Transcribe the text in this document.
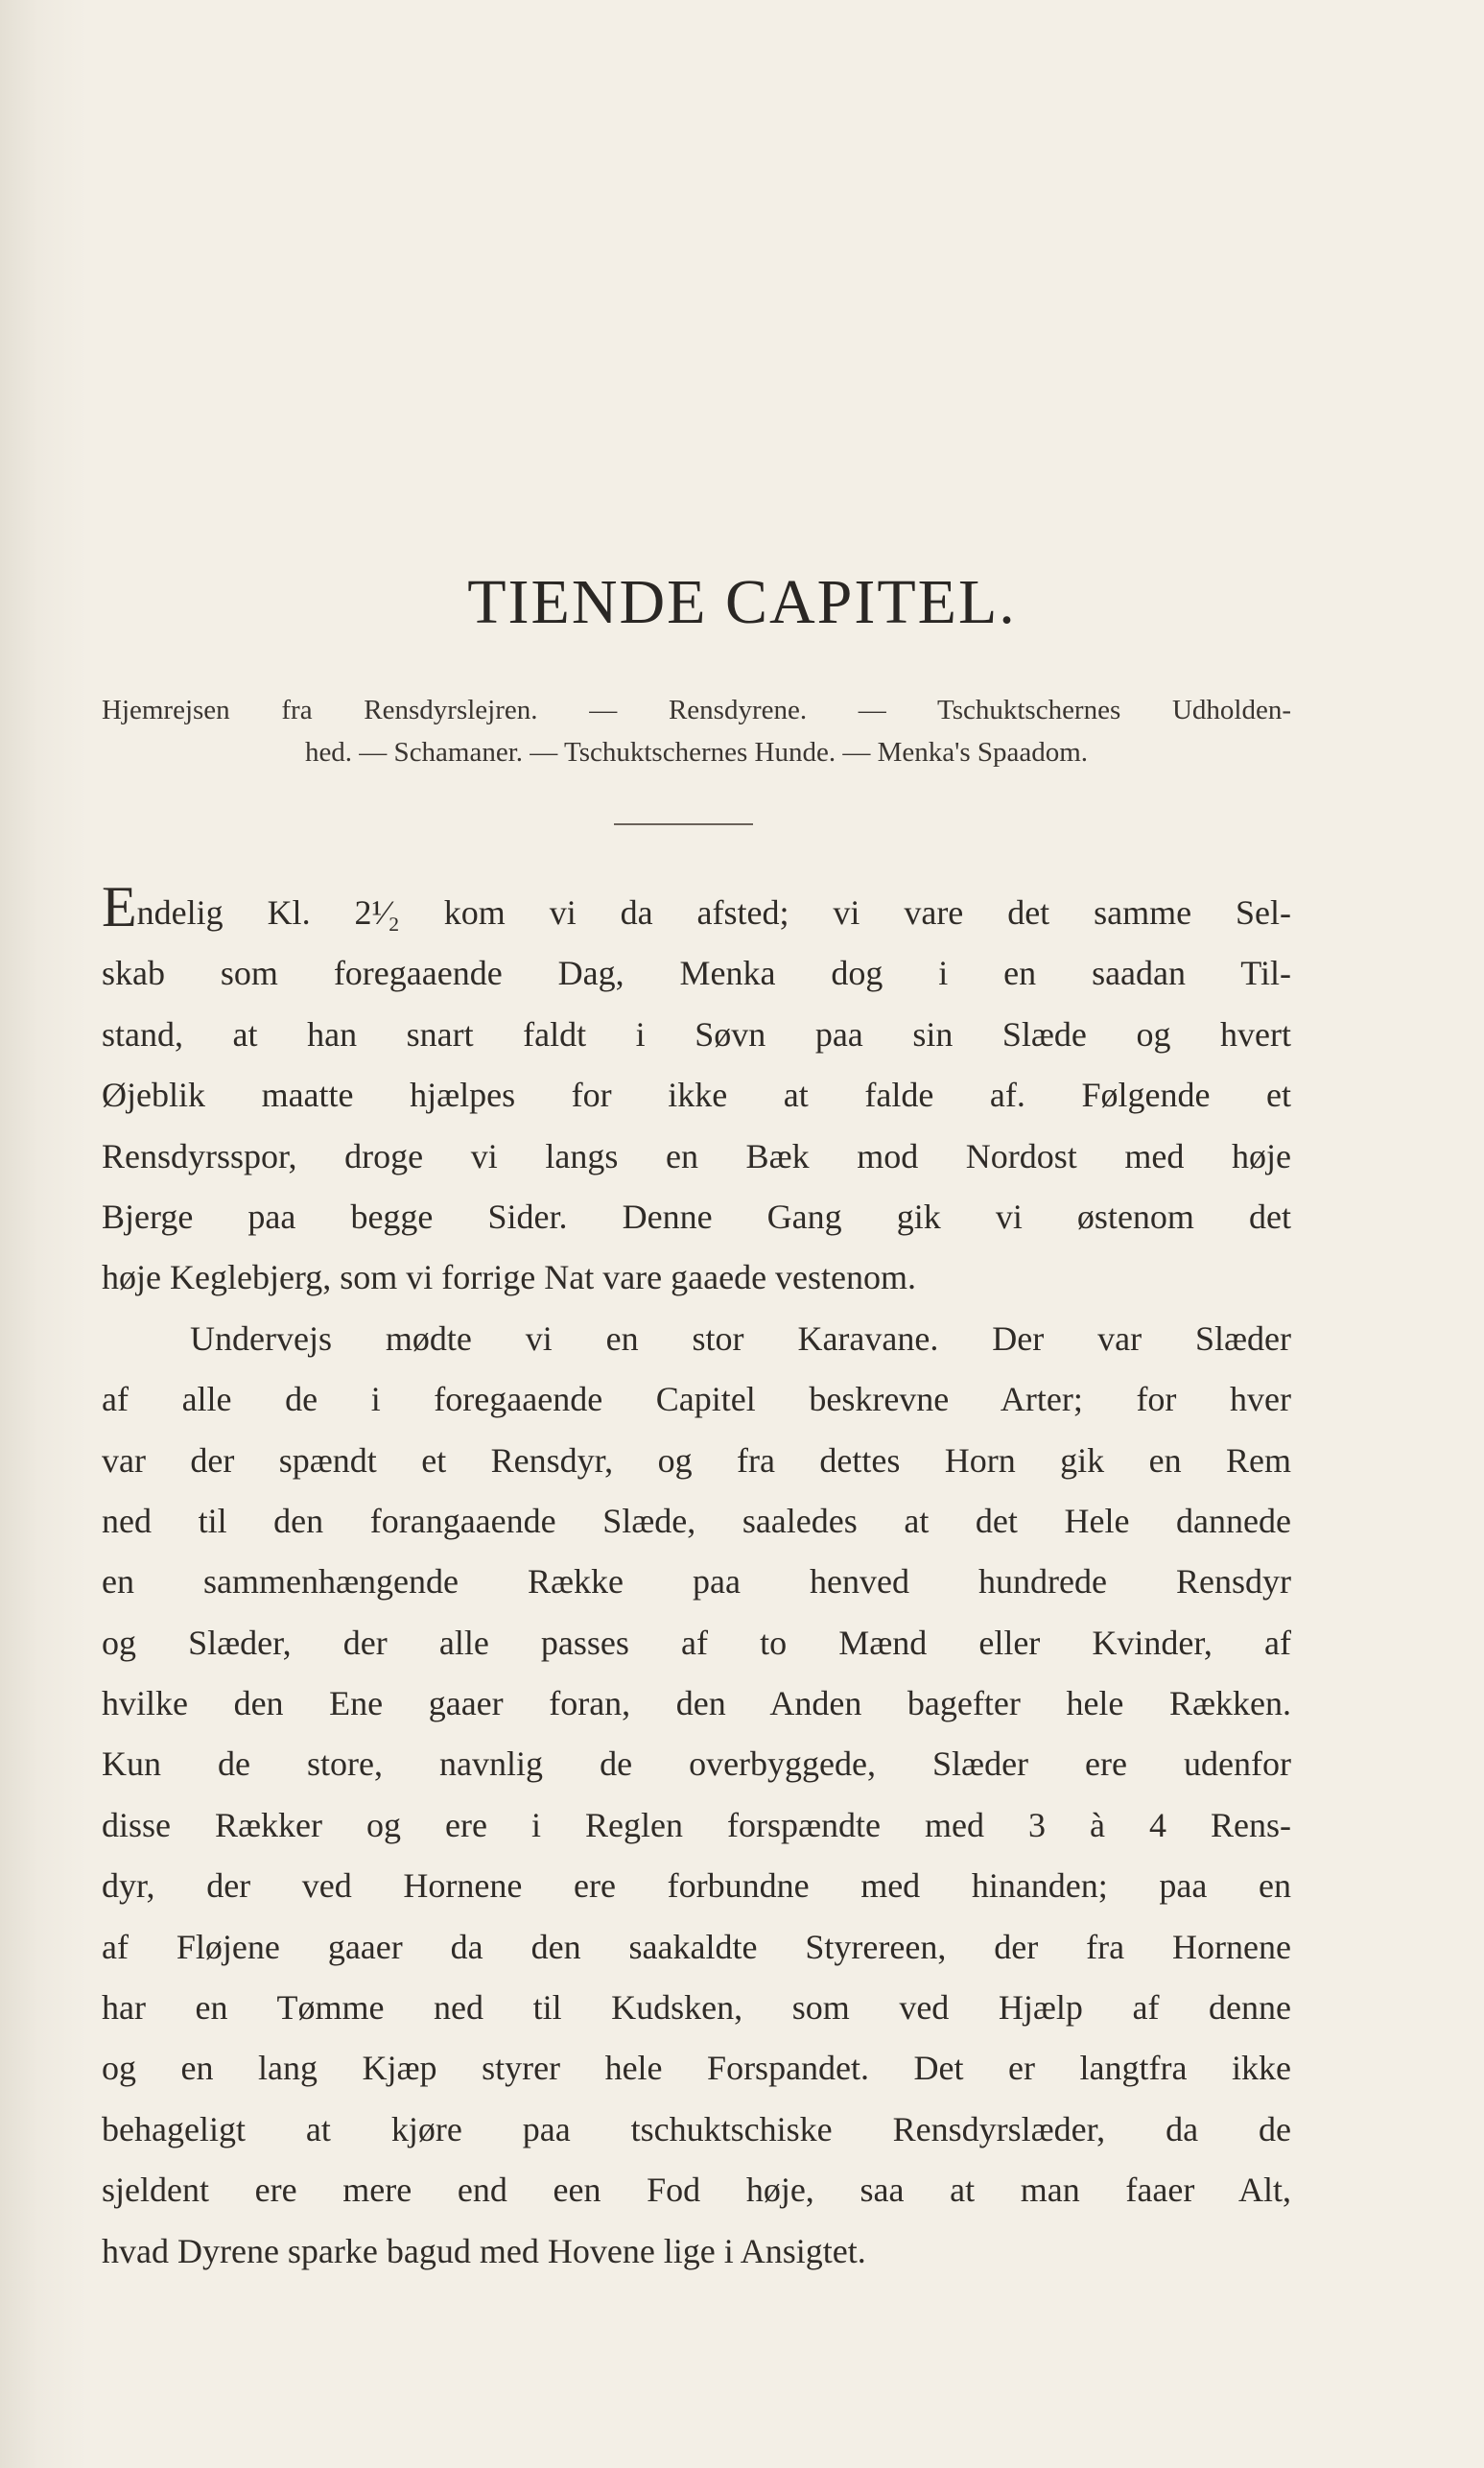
TIENDE CAPITEL.

Hjemrejsen fra Rensdyrslejren. — Rensdyrene. — Tschuktschernes Udholden-
hed. — Schamaner. — Tschuktschernes Hunde. — Menka's Spaadom.

Endelig Kl. 2¹⁄₂ kom vi da afsted; vi vare det samme Sel-
skab som foregaaende Dag, Menka dog i en saadan Til-
stand, at han snart faldt i Søvn paa sin Slæde og hvert
Øjeblik maatte hjælpes for ikke at falde af. Følgende et
Rensdyrsspor, droge vi langs en Bæk mod Nordost med høje
Bjerge paa begge Sider. Denne Gang gik vi østenom det
høje Keglebjerg, som vi forrige Nat vare gaaede vestenom.
Undervejs mødte vi en stor Karavane. Der var Slæder
af alle de i foregaaende Capitel beskrevne Arter; for hver
var der spændt et Rensdyr, og fra dettes Horn gik en Rem
ned til den forangaaende Slæde, saaledes at det Hele dannede
en sammenhængende Række paa henved hundrede Rensdyr
og Slæder, der alle passes af to Mænd eller Kvinder, af
hvilke den Ene gaaer foran, den Anden bagefter hele Rækken.
Kun de store, navnlig de overbyggede, Slæder ere udenfor
disse Rækker og ere i Reglen forspændte med 3 à 4 Rens-
dyr, der ved Hornene ere forbundne med hinanden; paa en
af Fløjene gaaer da den saakaldte Styrereen, der fra Hornene
har en Tømme ned til Kudsken, som ved Hjælp af denne
og en lang Kjæp styrer hele Forspandet. Det er langtfra ikke
behageligt at kjøre paa tschuktschiske Rensdyrslæder, da de
sjeldent ere mere end een Fod høje, saa at man faaer Alt,
hvad Dyrene sparke bagud med Hovene lige i Ansigtet.
